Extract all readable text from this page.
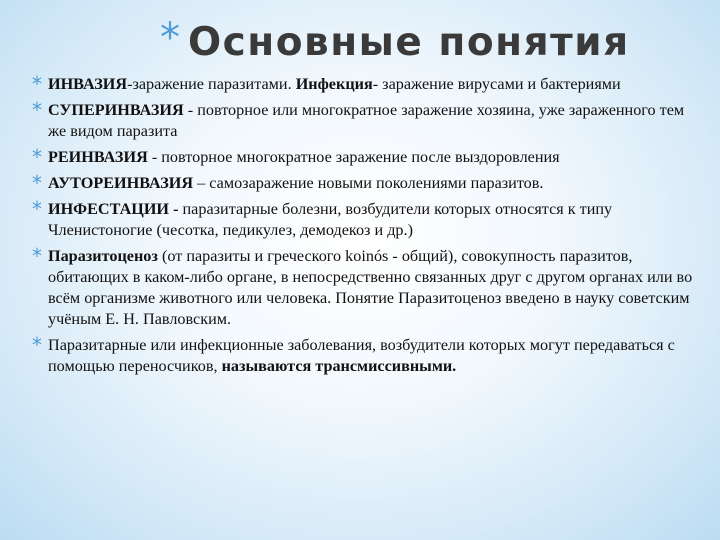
* Основные понятия
* ИНВАЗИЯ-заражение паразитами. Инфекция- заражение вирусами и бактериями
* СУПЕРИНВАЗИЯ - повторное или многократное заражение хозяина, уже зараженного тем же видом паразита
* РЕИНВАЗИЯ - повторное многократное заражение после выздоровления
* АУТОРЕИНВАЗИЯ – самозаражение новыми поколениями паразитов.
* ИНФЕСТАЦИИ - паразитарные болезни, возбудители которых относятся к типу Членистоногие (чесотка, педикулез, демодекоз и др.)
* Паразитоценоз (от паразиты и греческого koinós - общий), совокупность паразитов, обитающих в каком-либо органе, в непосредственно связанных друг с другом органах или во всём организме животного или человека. Понятие Паразитоценоз введено в науку советским учёным Е. Н. Павловским.
* Паразитарные или инфекционные заболевания, возбудители которых могут передаваться с помощью переносчиков, называются трансмиссивными.
